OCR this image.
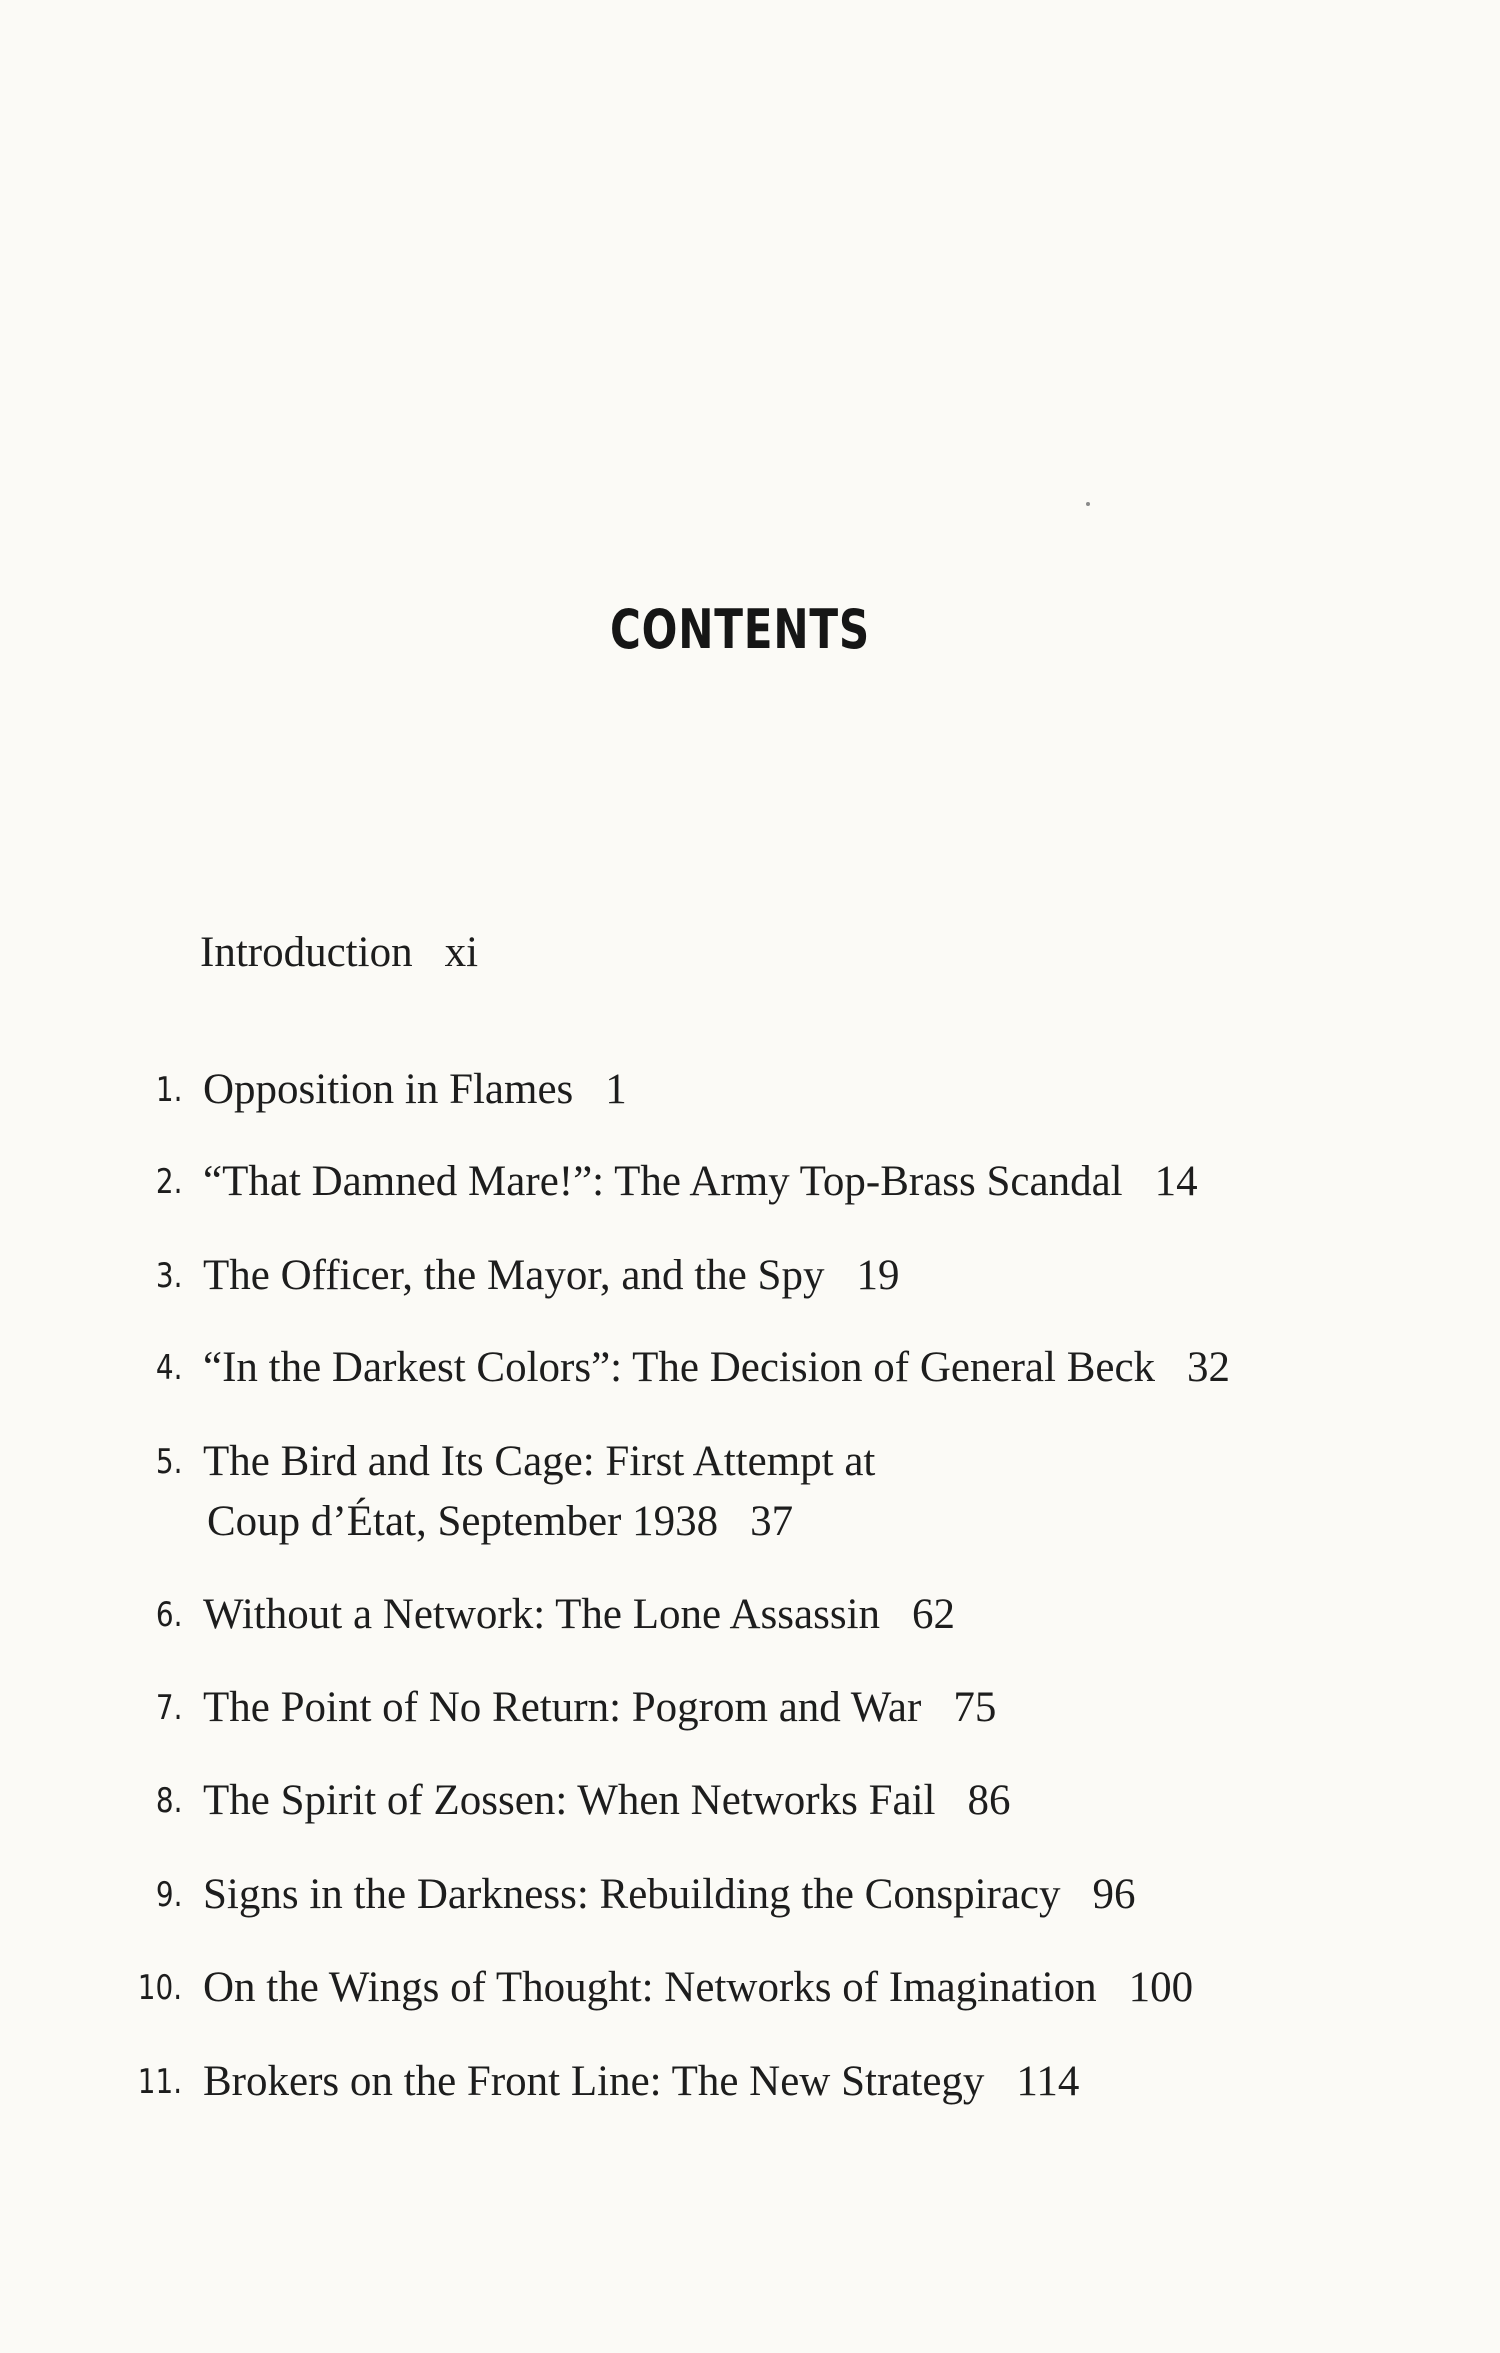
CONTENTS
Introduction xi
1. Opposition in Flames 1
2. “That Damned Mare!”: The Army Top-Brass Scandal 14
3. The Officer, the Mayor, and the Spy 19
4. “In the Darkest Colors”: The Decision of General Beck 32
5. The Bird and Its Cage: First Attempt at
Coup d’État, September 1938 37
6. Without a Network: The Lone Assassin 62
7. The Point of No Return: Pogrom and War 75
8. The Spirit of Zossen: When Networks Fail 86
9. Signs in the Darkness: Rebuilding the Conspiracy 96
10. On the Wings of Thought: Networks of Imagination 100
11. Brokers on the Front Line: The New Strategy 114
